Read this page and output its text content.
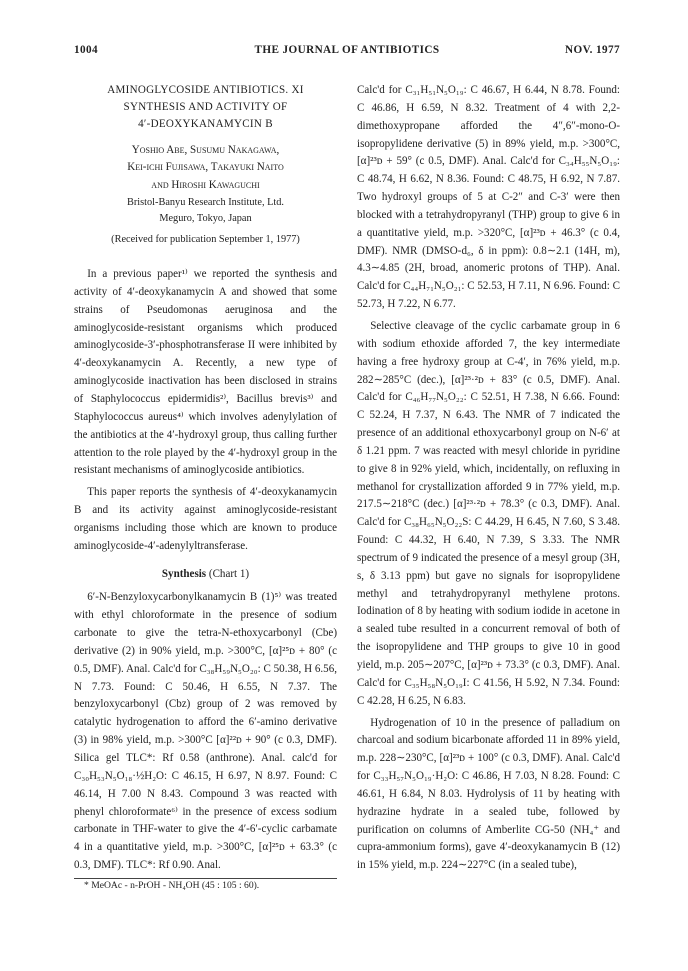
1004	THE JOURNAL OF ANTIBIOTICS	NOV. 1977
AMINOGLYCOSIDE ANTIBIOTICS. XI
SYNTHESIS AND ACTIVITY OF
4′-DEOXYKANAMYCIN B
Yoshio Abe, Susumu Nakagawa,
Kei-ichi Fujisawa, Takayuki Naito
and Hiroshi Kawaguchi
Bristol-Banyu Research Institute, Ltd.
Meguro, Tokyo, Japan
(Received for publication September 1, 1977)

In a previous paper¹⁾ we reported the synthesis and activity of 4′-deoxykanamycin A and showed that some strains of Pseudomonas aeruginosa and the aminoglycoside-resistant organisms which produced aminoglycoside-3′-phosphotransferase II were inhibited by 4′-deoxykanamycin A. Recently, a new type of aminoglycoside inactivation has been disclosed in strains of Staphylococcus epidermidis²⁾, Bacillus brevis³⁾ and Staphylococcus aureus⁴⁾ which involves adenylylation of the antibiotics at the 4′-hydroxyl group, thus calling further attention to the role played by the 4′-hydroxyl group in the resistant mechanisms of aminoglycoside antibiotics.

This paper reports the synthesis of 4′-deoxykanamycin B and its activity against aminoglycoside-resistant organisms including those which are known to produce aminoglycoside-4′-adenylyltransferase.

Synthesis (Chart 1)

6′-N-Benzyloxycarbonylkanamycin B (1)⁵⁾ was treated with ethyl chloroformate in the presence of sodium carbonate to give the tetra-N-ethoxycarbonyl (Cbe) derivative (2) in 90% yield, m.p. >300°C, [α]²⁵ᴅ + 80° (c 0.5, DMF). Anal. Calc'd for C₃₈H₅₉N₅O₂₀: C 50.38, H 6.56, N 7.73. Found: C 50.46, H 6.55, N 7.37. The benzyloxycarbonyl (Cbz) group of 2 was removed by catalytic hydrogenation to afford the 6′-amino derivative (3) in 98% yield, m.p. >300°C [α]²²ᴅ + 90° (c 0.3, DMF). Silica gel TLC*: Rf 0.58 (anthrone). Anal. calc'd for C₃₀H₅₃N₅O₁₈·½H₂O: C 46.15, H 6.97, N 8.97. Found: C 46.14, H 7.00 N 8.43. Compound 3 was reacted with phenyl chloroformate⁶⁾ in the presence of excess sodium carbonate in THF-water to give the 4′-6′-cyclic carbamate 4 in a quantitative yield, m.p. >300°C, [α]²⁵ᴅ + 63.3° (c 0.3, DMF). TLC*: Rf 0.90. Anal.

* MeOAc - n-PrOH - NH₄OH (45 : 105 : 60).

Calc'd for C₃₁H₅₁N₅O₁₉: C 46.67, H 6.44, N 8.78. Found: C 46.86, H 6.59, N 8.32. Treatment of 4 with 2,2-dimethoxypropane afforded the 4″,6″-mono-O-isopropylidene derivative (5) in 89% yield, m.p. >300°C, [α]²³ᴅ + 59° (c 0.5, DMF). Anal. Calc'd for C₃₄H₅₅N₅O₁₉: C 48.74, H 6.62, N 8.36. Found: C 48.75, H 6.92, N 7.87. Two hydroxyl groups of 5 at C-2″ and C-3′ were then blocked with a tetrahydropyranyl (THP) group to give 6 in a quantitative yield, m.p. >320°C, [α]²³ᴅ + 46.3° (c 0.4, DMF). NMR (DMSO-d₆, δ in ppm): 0.8∼2.1 (14H, m), 4.3∼4.85 (2H, broad, anomeric protons of THP). Anal. Calc'd for C₄₄H₇₁N₅O₂₁: C 52.53, H 7.11, N 6.96. Found: C 52.73, H 7.22, N 6.77.

Selective cleavage of the cyclic carbamate group in 6 with sodium ethoxide afforded 7, the key intermediate having a free hydroxy group at C-4′, in 76% yield, m.p. 282∼285°C (dec.), [α]²³·²ᴅ + 83° (c 0.5, DMF). Anal. Calc'd for C₄₆H₇₇N₅O₂₂: C 52.51, H 7.38, N 6.66. Found: C 52.24, H 7.37, N 6.43. The NMR of 7 indicated the presence of an additional ethoxycarbonyl group on N-6′ at δ 1.21 ppm. 7 was reacted with mesyl chloride in pyridine to give 8 in 92% yield, which, incidentally, on refluxing in methanol for crystallization afforded 9 in 77% yield, m.p. 217.5∼218°C (dec.) [α]²³·²ᴅ + 78.3° (c 0.3, DMF). Anal. Calc'd for C₃₈H₆₅N₅O₂₂S: C 44.29, H 6.45, N 7.60, S 3.48. Found: C 44.32, H 6.40, N 7.39, S 3.33. The NMR spectrum of 9 indicated the presence of a mesyl group (3H, s, δ 3.13 ppm) but gave no signals for isopropylidene methyl and tetrahydropyranyl methylene protons. Iodination of 8 by heating with sodium iodide in acetone in a sealed tube resulted in a concurrent removal of both of the isopropylidene and THP groups to give 10 in good yield, m.p. 205∼207°C, [α]²³ᴅ + 73.3° (c 0.3, DMF). Anal. Calc'd for C₃₅H₅₈N₅O₁₉I: C 41.56, H 5.92, N 7.34. Found: C 42.28, H 6.25, N 6.83.

Hydrogenation of 10 in the presence of palladium on charcoal and sodium bicarbonate afforded 11 in 89% yield, m.p. 228∼230°C, [α]²³ᴅ + 100° (c 0.3, DMF). Anal. Calc'd for C₃₃H₅₇N₅O₁₉·H₂O: C 46.86, H 7.03, N 8.28. Found: C 46.61, H 6.84, N 8.03. Hydrolysis of 11 by heating with hydrazine hydrate in a sealed tube, followed by purification on columns of Amberlite CG-50 (NH₄⁺ and cupra-ammonium forms), gave 4′-deoxykanamycin B (12) in 15% yield, m.p. 224∼227°C (in a sealed tube),
